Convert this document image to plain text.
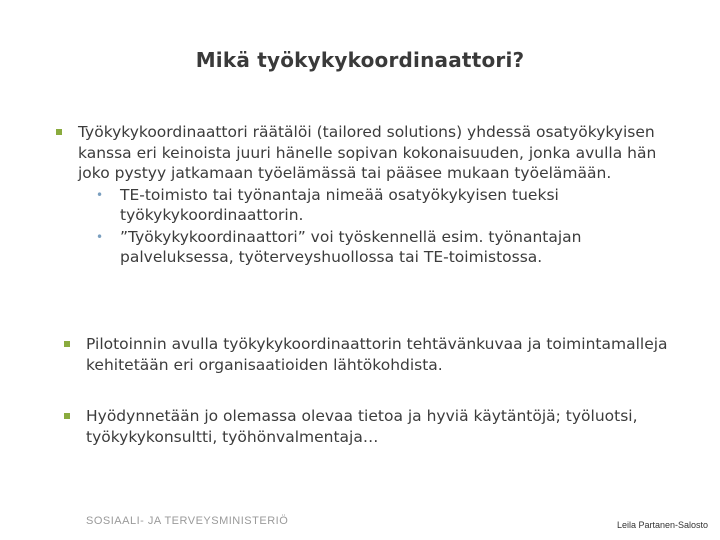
Mikä työkykykoordinaattori?
Työkykykoordinaattori räätälöi (tailored solutions) yhdessä osatyökykyisen kanssa eri keinoista juuri hänelle sopivan kokonaisuuden, jonka avulla hän joko pystyy jatkamaan työelämässä tai pääsee mukaan työelämään.
•	TE-toimisto tai työnantaja nimeää osatyökykyisen tueksi työkykykoordinaattorin.
•	”Työkykykoordinaattori” voi työskennellä esim. työnantajan palveluksessa, työterveyshuollossa tai TE-toimistossa.
Pilotoinnin avulla työkykykoordinaattorin tehtävänkuvaa ja toimintamalleja kehitetään eri organisaatioiden lähtökohdista.
Hyödynnetään jo olemassa olevaa tietoa ja hyviä käytäntöjä; työluotsi, työkykykonsultti, työhönvalmentaja…
SOSIAALI- JA TERVEYSMINISTERIÖ	Leila Partanen-Salosto
